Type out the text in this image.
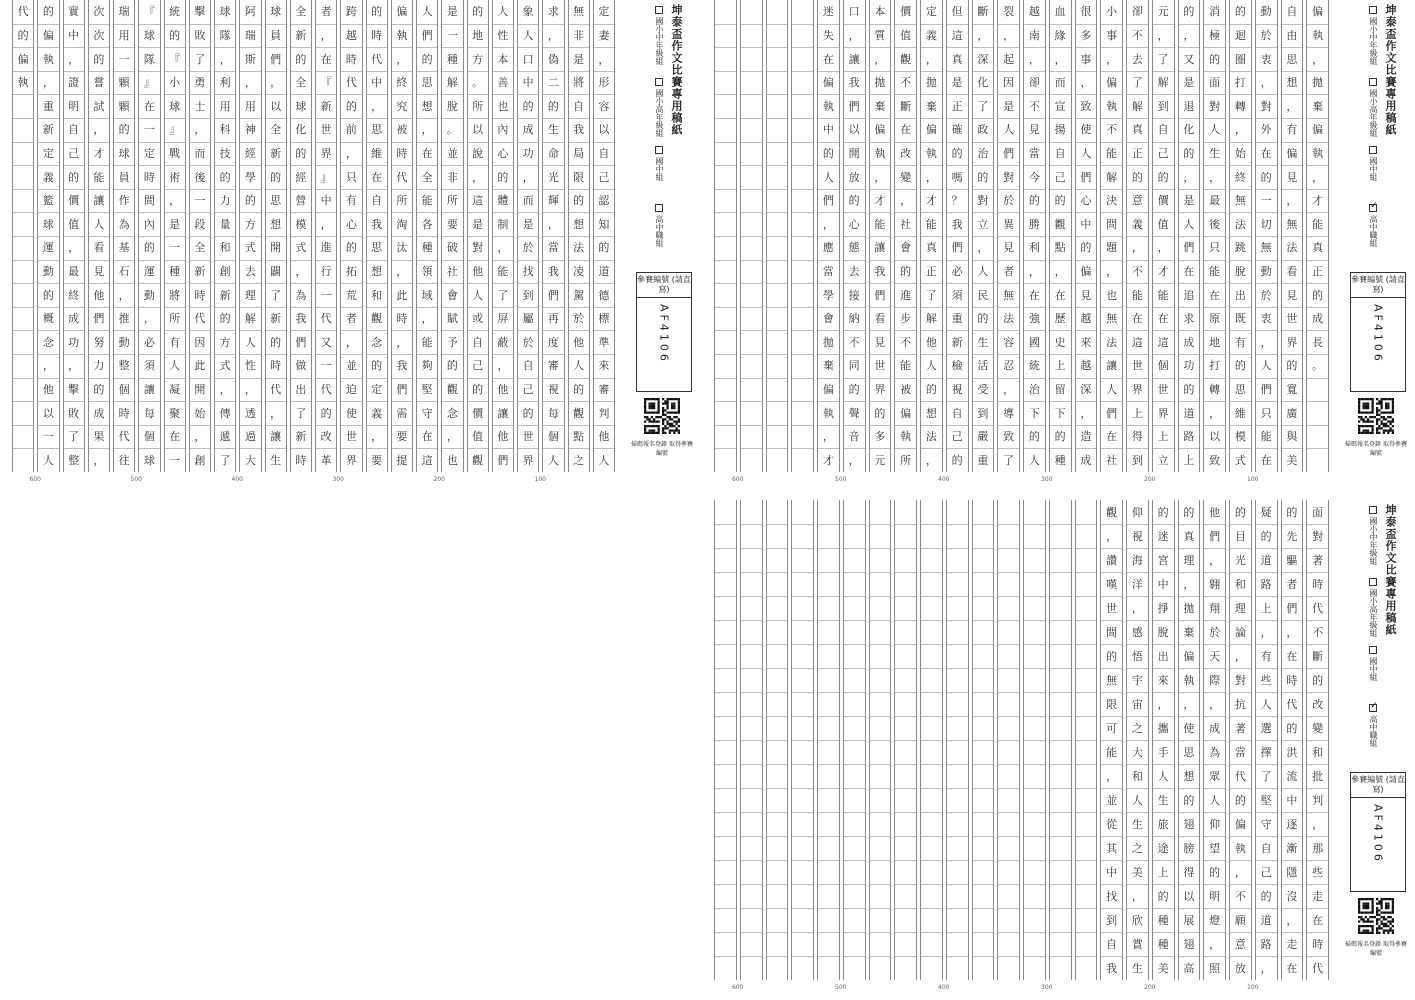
代
的
偏
執
的
偏
執
，
重
新
定
義
籃
球
運
動
的
概
念
，
他
以
一
人
實
中
，
證
明
自
己
的
價
值
，
最
終
成
功
，
擊
敗
了
整
次
次
的
嘗
試
，
才
能
讓
人
看
見
他
們
努
力
的
成
果
，
瑞
用
一
顆
顆
的
球
員
作
為
基
石
，
推
動
整
個
時
代
往
『
球
隊
』
在
一
定
時
間
內
的
運
動
，
必
須
讓
每
個
球
統
的
『
小
球
』
戰
術
，
是
一
種
將
所
有
人
凝
聚
在
一
擊
敗
了
勇
士
，
而
後
一
段
全
新
時
代
因
此
開
始
，
創
球
隊
，
利
用
科
技
的
力
量
和
創
新
的
方
式
，
傳
遞
了
阿
瑞
斯
，
用
神
經
學
的
方
式
去
理
解
人
性
，
透
過
大
球
員
們
，
以
全
新
的
思
想
開
闢
了
新
的
時
代
，
讓
生
全
新
的
全
球
化
的
經
營
模
式
，
為
我
們
做
出
了
新
時
者
，
在
『
新
世
界
』
中
，
進
行
一
代
又
一
代
的
改
革
跨
越
時
代
的
前
，
只
有
心
的
拓
荒
者
，
並
迫
使
世
界
的
時
代
中
，
思
維
在
自
我
思
想
和
觀
念
的
定
義
，
要
偏
執
，
終
究
被
時
代
所
淘
汰
，
此
時
，
我
們
需
要
提
人
們
的
思
想
，
在
全
能
各
種
領
域
，
能
夠
堅
守
在
這
是
一
種
解
脫
。
並
非
所
要
破
社
會
賦
予
的
觀
念
，
也
的
地
方
。
所
以
說
，
這
是
對
他
人
或
自
己
的
價
值
觀
人
性
本
善
也
內
心
的
體
制
，
能
了
屏
蔽
，
他
讓
他
們
象
人
口
中
的
成
功
，
而
是
於
找
到
屬
於
自
己
的
世
界
求
，
偽
二
的
生
命
光
輝
，
當
我
們
再
度
審
視
每
個
人
無
非
是
將
自
我
局
限
的
想
法
凌
駕
於
他
人
的
觀
點
之
定
妻
，
形
容
以
自
己
認
知
的
道
德
標
準
來
審
判
他
人
600	500	400	300	200	100
坤泰盃作文比賽專用稿紙
國小中年級組
國小高年級組
國中組
高中職組
參賽編號 (請直寫)
AF4106
掃碼報名登錄 取得參賽編號
迷
失
在
偏
執
中
的
人
們
，
應
當
學
會
拋
棄
偏
執
，
才
口
，
讓
我
們
以
開
放
的
心
態
去
接
納
不
同
的
聲
音
，
本
質
，
拋
棄
偏
執
，
才
能
讓
我
們
看
見
世
界
的
多
元
價
值
觀
不
斷
在
改
變
，
社
會
的
進
步
不
能
被
偏
執
所
定
義
，
拋
棄
偏
執
，
才
能
真
正
了
解
他
人
的
想
法
，
但
這
真
是
正
確
的
嗎
？
我
們
必
須
重
新
檢
視
自
己
的
斷
，
深
化
了
政
治
的
對
立
，
人
民
的
生
活
受
到
嚴
重
裂
，
起
因
是
人
們
對
於
異
見
者
無
法
容
忍
，
導
致
了
越
南
，
卻
不
見
當
今
的
勝
利
，
在
強
國
統
治
下
的
人
血
緣
，
而
宣
揚
自
己
的
觀
點
，
在
歷
史
上
留
下
的
種
很
多
事
，
致
使
人
們
心
中
的
偏
見
越
來
越
深
，
造
成
小
事
，
偏
執
不
能
解
決
問
題
，
也
無
法
讓
人
們
在
社
卻
不
去
了
解
真
正
的
意
義
，
不
能
在
這
世
界
上
得
到
元
，
了
解
到
自
己
的
價
值
，
才
能
在
這
個
世
界
上
立
的
，
又
是
退
化
的
，
是
人
們
在
追
求
成
功
的
道
路
上
消
極
的
面
對
人
生
，
最
後
只
能
在
原
地
打
轉
，
以
致
的
迴
圈
打
轉
，
始
終
無
法
跳
脫
出
既
有
的
思
維
模
式
動
於
衷
，
對
外
在
的
一
切
無
動
於
衷
，
人
們
只
能
在
自
由
思
想
，
有
偏
見
，
無
法
看
見
世
界
的
寬
廣
與
美
偏
執
，
拋
棄
偏
執
，
才
能
真
正
的
成
長
。
600	500	400	300	200	100
坤泰盃作文比賽專用稿紙
國小中年級組
國小高年級組
國中組
✓高中職組
參賽編號 (請直寫)
AF4106
掃碼報名登錄 取得參賽編號
觀
，
讚
嘆
世
間
的
無
限
可
能
，
並
從
其
中
找
到
自
我
仰
視
海
洋
，
感
悟
宇
宙
之
大
和
人
生
之
美
，
欣
賞
生
的
迷
宮
中
掙
脫
出
來
，
攜
手
人
生
旅
途
上
的
種
種
美
的
真
理
，
拋
棄
偏
執
，
使
思
想
的
翅
膀
得
以
展
翅
高
他
們
，
翱
翔
於
天
際
，
成
為
眾
人
仰
望
的
明
燈
，
照
的
目
光
和
理
論
，
對
抗
著
當
代
的
偏
執
，
不
願
意
放
疑
的
道
路
上
，
有
些
人
選
擇
了
堅
守
自
己
的
道
路
，
的
先
驅
者
們
，
在
時
代
的
洪
流
中
逐
漸
隱
沒
，
走
在
面
對
著
時
代
不
斷
的
改
變
和
批
判
，
那
些
走
在
時
代
600	500	400	300	200	100
坤泰盃作文比賽專用稿紙
國小中年級組
國小高年級組
國中組
✓高中職組
參賽編號 (請直寫)
AF4106
掃碼報名登錄 取得參賽編號
